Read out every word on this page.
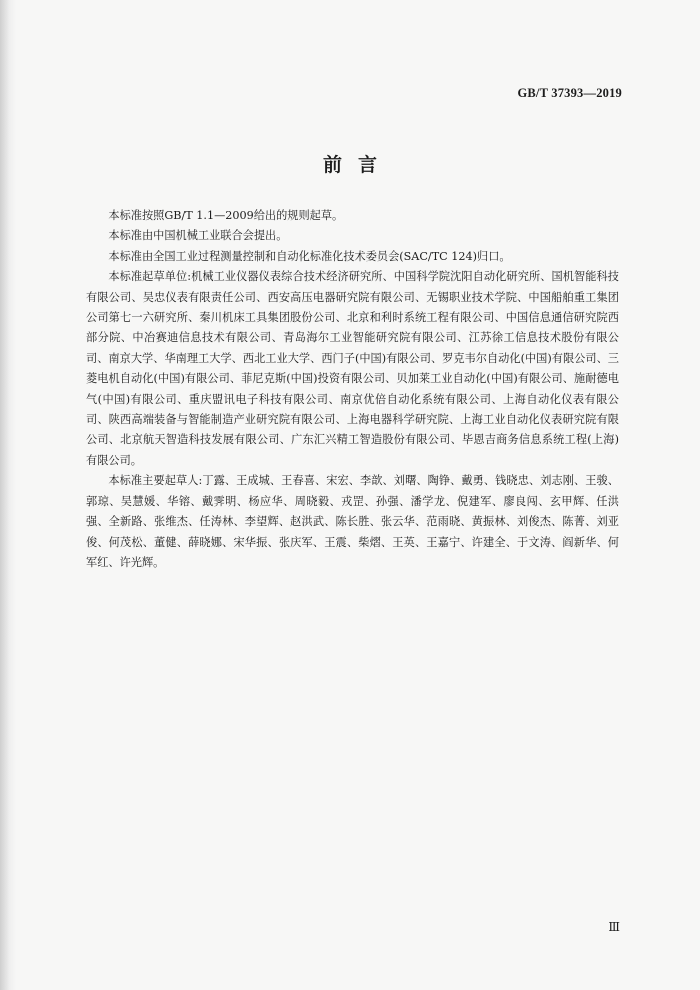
GB/T 37393—2019
前言

本标准按照GB/T 1.1—2009给出的规则起草。

本标准由中国机械工业联合会提出。

本标准由全国工业过程测量控制和自动化标准化技术委员会(SAC/TC 124)归口。

本标准起草单位:机械工业仪器仪表综合技术经济研究所、中国科学院沈阳自动化研究所、国机智能科技有限公司、吴忠仪表有限责任公司、西安高压电器研究院有限公司、无锡职业技术学院、中国船舶重工集团公司第七一六研究所、秦川机床工具集团股份公司、北京和利时系统工程有限公司、中国信息通信研究院西部分院、中冶赛迪信息技术有限公司、青岛海尔工业智能研究院有限公司、江苏徐工信息技术股份有限公司、南京大学、华南理工大学、西北工业大学、西门子(中国)有限公司、罗克韦尔自动化(中国)有限公司、三菱电机自动化(中国)有限公司、菲尼克斯(中国)投资有限公司、贝加莱工业自动化(中国)有限公司、施耐德电气(中国)有限公司、重庆盟讯电子科技有限公司、南京优倍自动化系统有限公司、上海自动化仪表有限公司、陕西高端装备与智能制造产业研究院有限公司、上海电器科学研究院、上海工业自动化仪表研究院有限公司、北京航天智造科技发展有限公司、广东汇兴精工智造股份有限公司、毕恩吉商务信息系统工程(上海)有限公司。

本标准主要起草人:丁露、王成城、王春喜、宋宏、李歆、刘曙、陶铮、戴勇、钱晓忠、刘志刚、王骏、郭琼、吴慧媛、华镕、戴霁明、杨应华、周晓毅、戎罡、孙强、潘学龙、倪建军、廖良闯、玄甲辉、任洪强、全新路、张维杰、任涛林、李望辉、赵洪武、陈长胜、张云华、范雨晓、黄振林、刘俊杰、陈菁、刘亚俊、何茂松、董健、薛晓娜、宋华振、张庆军、王震、柴熠、王英、王嘉宁、许建全、于文涛、阎新华、何军红、许光辉。

Ⅲ
